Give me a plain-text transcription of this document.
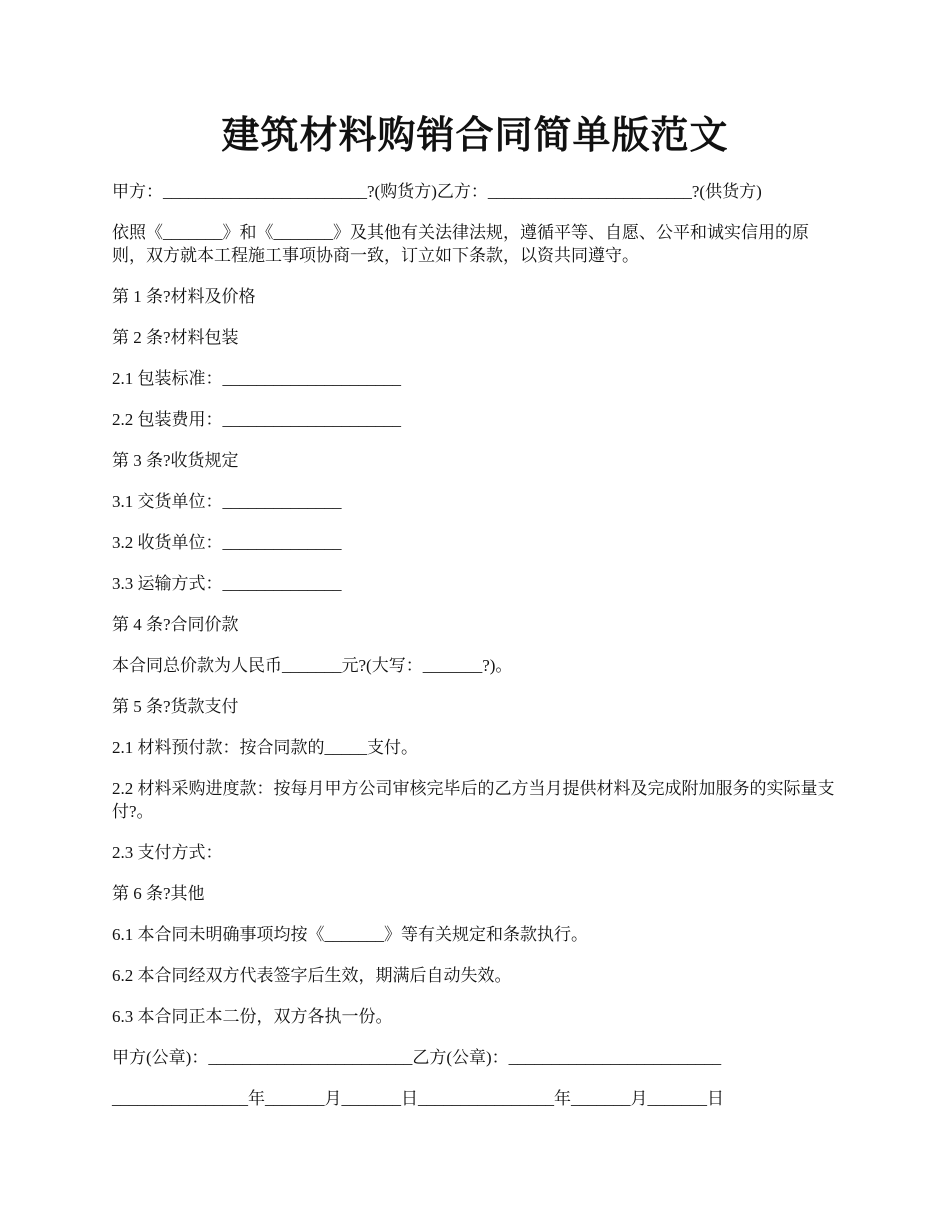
建筑材料购销合同简单版范文

甲方：________________________?(购货方)乙方：________________________?(供货方)

依照《_______》和《_______》及其他有关法律法规，遵循平等、自愿、公平和诚实信用的原则，双方就本工程施工事项协商一致，订立如下条款，以资共同遵守。

第 1 条?材料及价格

第 2 条?材料包装

2.1 包装标准：_____________________

2.2 包装费用：_____________________

第 3 条?收货规定

3.1 交货单位：______________

3.2 收货单位：______________

3.3 运输方式：______________

第 4 条?合同价款

本合同总价款为人民币_______元?(大写：_______?)。

第 5 条?货款支付

2.1 材料预付款：按合同款的_____支付。

2.2 材料采购进度款：按每月甲方公司审核完毕后的乙方当月提供材料及完成附加服务的实际量支付?。

2.3 支付方式：

第 6 条?其他

6.1 本合同未明确事项均按《_______》等有关规定和条款执行。

6.2 本合同经双方代表签字后生效，期满后自动失效。

6.3 本合同正本二份，双方各执一份。

甲方(公章)：________________________乙方(公章)：_________________________

________________年_______月_______日________________年_______月_______日
